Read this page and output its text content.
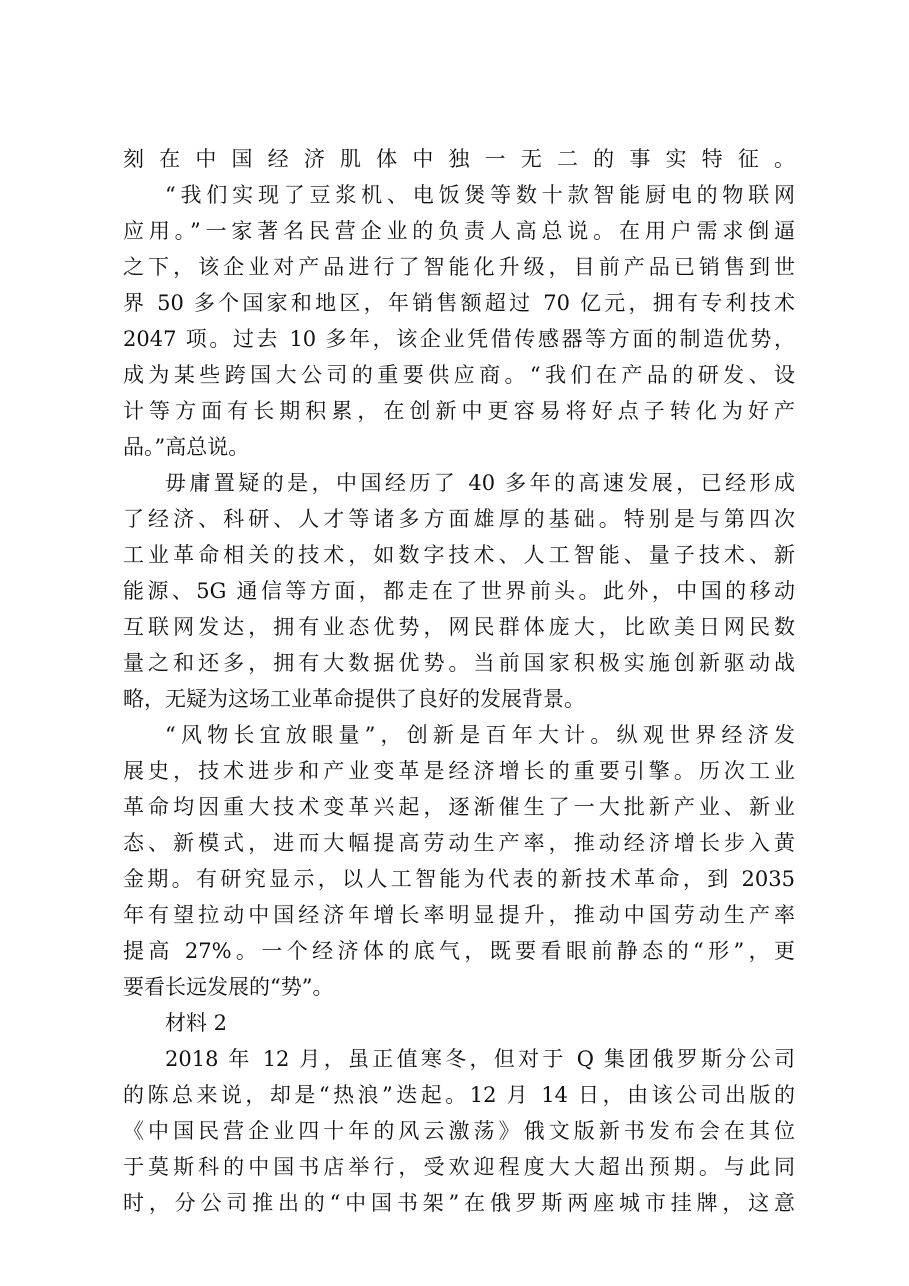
刻在中国经济肌体中独一无二的事实特征。
“我们实现了豆浆机、电饭煲等数十款智能厨电的物联网
应用。”一家著名民营企业的负责人高总说。在用户需求倒逼
之下，该企业对产品进行了智能化升级，目前产品已销售到世
界 50 多个国家和地区，年销售额超过 70 亿元，拥有专利技术
2047 项。过去 10 多年，该企业凭借传感器等方面的制造优势，
成为某些跨国大公司的重要供应商。“我们在产品的研发、设
计等方面有长期积累，在创新中更容易将好点子转化为好产
品。”高总说。
毋庸置疑的是，中国经历了 40 多年的高速发展，已经形成
了经济、科研、人才等诸多方面雄厚的基础。特别是与第四次
工业革命相关的技术，如数字技术、人工智能、量子技术、新
能源、5G 通信等方面，都走在了世界前头。此外，中国的移动
互联网发达，拥有业态优势，网民群体庞大，比欧美日网民数
量之和还多，拥有大数据优势。当前国家积极实施创新驱动战
略，无疑为这场工业革命提供了良好的发展背景。
“风物长宜放眼量”，创新是百年大计。纵观世界经济发
展史，技术进步和产业变革是经济增长的重要引擎。历次工业
革命均因重大技术变革兴起，逐渐催生了一大批新产业、新业
态、新模式，进而大幅提高劳动生产率，推动经济增长步入黄
金期。有研究显示，以人工智能为代表的新技术革命，到 2035
年有望拉动中国经济年增长率明显提升，推动中国劳动生产率
提高 27%。一个经济体的底气，既要看眼前静态的“形”，更
要看长远发展的“势”。
材料 2
2018 年 12 月，虽正值寒冬，但对于 Q 集团俄罗斯分公司
的陈总来说，却是“热浪”迭起。12 月 14 日，由该公司出版的
《中国民营企业四十年的风云激荡》俄文版新书发布会在其位
于莫斯科的中国书店举行，受欢迎程度大大超出预期。与此同
时，分公司推出的“中国书架”在俄罗斯两座城市挂牌，这意
